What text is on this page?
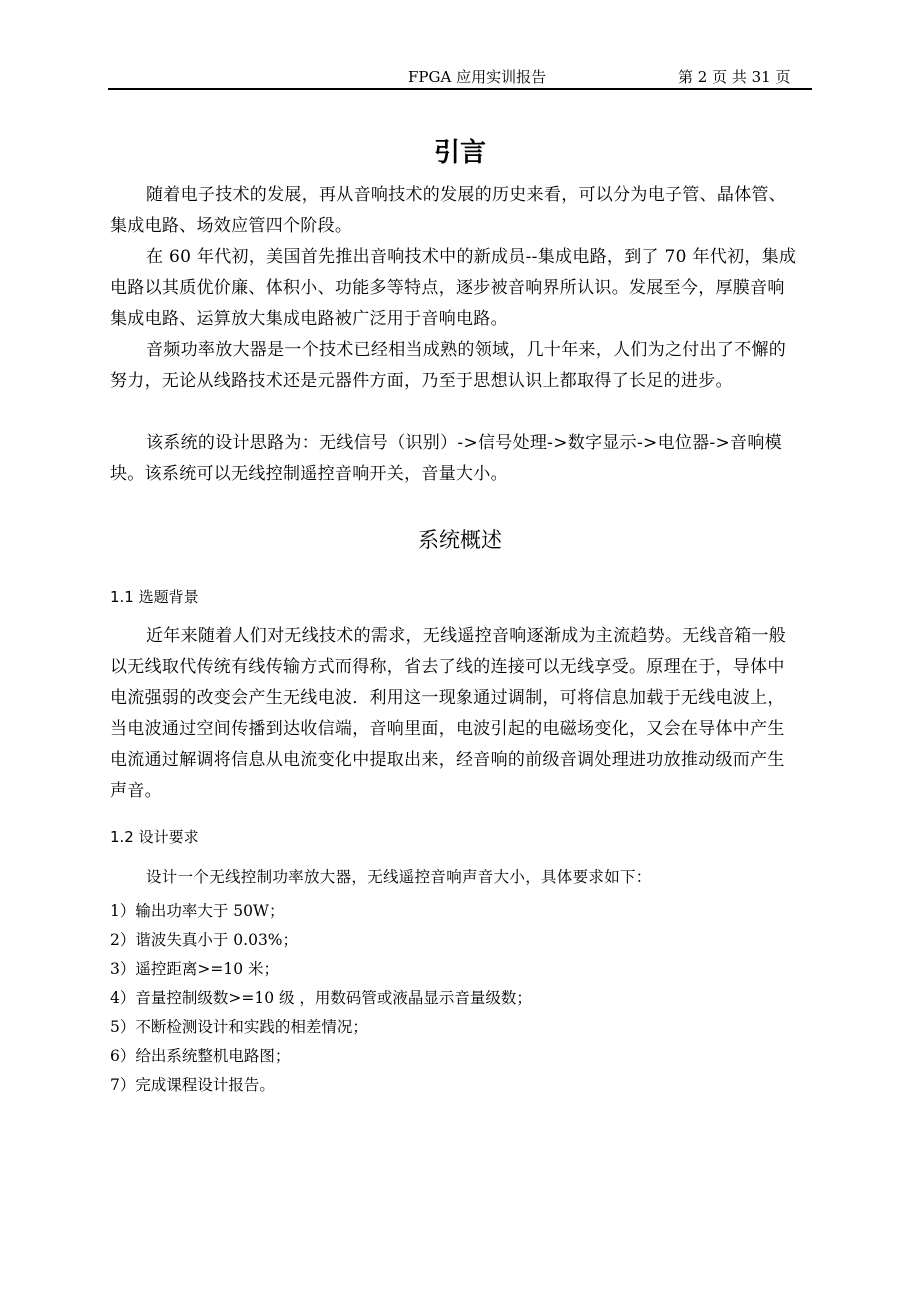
FPGA 应用实训报告	第 2 页 共 31 页
引言

随着电子技术的发展，再从音响技术的发展的历史来看，可以分为电子管、晶体管、集成电路、场效应管四个阶段。

在 60 年代初，美国首先推出音响技术中的新成员--集成电路，到了 70 年代初，集成电路以其质优价廉、体积小、功能多等特点，逐步被音响界所认识。发展至今，厚膜音响集成电路、运算放大集成电路被广泛用于音响电路。

音频功率放大器是一个技术已经相当成熟的领域，几十年来，人们为之付出了不懈的努力，无论从线路技术还是元器件方面，乃至于思想认识上都取得了长足的进步。

该系统的设计思路为：无线信号（识别）->信号处理->数字显示->电位器->音响模块。该系统可以无线控制遥控音响开关，音量大小。

系统概述
1.1 选题背景

近年来随着人们对无线技术的需求，无线遥控音响逐渐成为主流趋势。无线音箱一般以无线取代传统有线传输方式而得称，省去了线的连接可以无线享受。原理在于，导体中电流强弱的改变会产生无线电波．利用这一现象通过调制，可将信息加载于无线电波上，当电波通过空间传播到达收信端，音响里面，电波引起的电磁场变化，又会在导体中产生电流通过解调将信息从电流变化中提取出来，经音响的前级音调处理进功放推动级而产生声音。

1.2 设计要求

设计一个无线控制功率放大器，无线遥控音响声音大小，具体要求如下：

1）输出功率大于 50W；
2）谐波失真小于 0.03%；
3）遥控距离>=10 米；
4）音量控制级数>=10 级 ，用数码管或液晶显示音量级数；
5）不断检测设计和实践的相差情况；
6）给出系统整机电路图；
7）完成课程设计报告。
